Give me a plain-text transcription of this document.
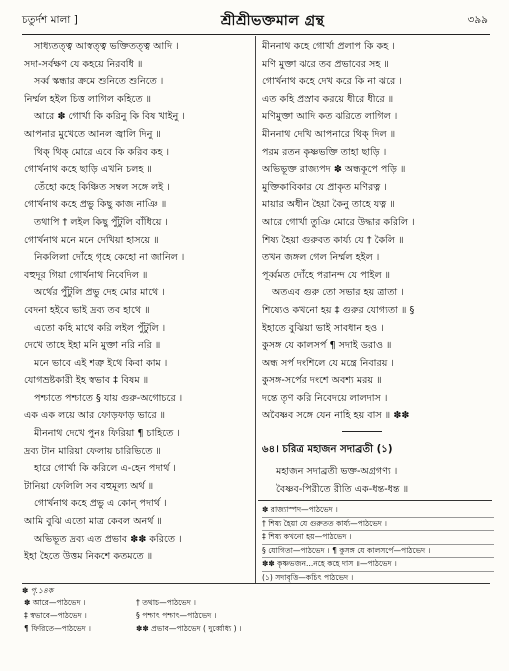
চতুর্দশ মালা ]	শ্রীশ্রীভক্তমাল গ্রন্থ	৩৯৯
সাধ্যতত্ত্ব আস্বত্ত্ব ভক্তিতত্ত্ব আদি ।
সদা-সর্বক্ষণ যে কহয়ে নিরবধি ॥
সর্ব্ব স্কন্ধার ক্রমে শুনিতে শুনিতে ।
নির্ম্মল হইল চিত্ত লাগিল কহিতে ॥
আরে ✽ গোর্খা কি করিনু কি বিষ খাইনু ।
আপনার মুখেতে আনল জ্বালি দিনু ॥
থিক্ থিক্ মোরে এবে কি করিব কহ ।
গোর্খনাথ কহে ছাড়ি এখনি চলহ ॥
তেঁহো কহে কিঞ্চিত সম্বল সঙ্গে লই ।
গোর্খনাথ কহে প্রভু কিছু কাজ নাঞি ॥
তথাপি † লইল কিছু পুঁটুলি বাঁধিয়ে ।
গোর্খনাথ মনে মনে দেখিয়া হাসয়ে ॥
নিকলিলা দোঁহে গৃহে কেহো না জানিল ।
বহুদূর গিয়া গোর্খনাথ নিবেদিল ॥
অর্থের পুঁটুলি প্রভু দেহ মোর মাথে ।
বেদনা হইবে ভাই দ্রব্য তব হাথে ॥
এতো কহি মাথে করি লইল পুঁটুলি ।
দেখে তাহে ইহা মনি মুক্তা নরি নরি ॥
মনে ভাবে এই শত্রু ইথে কিবা কাম ।
যোগভ্রষ্টকারী ইহ স্বভাব ‡ বিষম ॥
পশ্চাতে পশ্চাতে § যায় গুরু-অগোচরে ।
এক এক লয়ে আর ফোড়ফাড় ভারে ॥
মীননাথ দেখে পুনঃ ফিরিয়া ¶ চাহিতে ।
দ্রব্য টান মারিয়া ফেলায় চারিভিতে ॥
হারে গোর্খা কি করিলে এ-হেন পদার্থ ।
টানিয়া ফেলিলি সব বহুমূল্য অর্থ ॥
গোর্খনাথ কহে প্রভু এ কোন্ পদার্থ ।
আমি বুঝি এতো মাত্র কেবল অনর্থ ॥
অভিভূত দ্রব্য এত প্রভাব ✽✽ করিতে ।
ইহা হৈতে উত্তম নিকশে কতমতে ॥
মীননাথ কহে গোর্খা প্রলাপ কি কহ ।
মণি মুক্তা ঝরে তব প্রভাবের সহ ॥
গোর্খনাথ কহে দেখ করে কি না ঝরে ।
এত কহি প্রস্রাব করয়ে ধীরে ধীরে ॥
মণিমুক্তা আদি কত ঝরিতে লাগিল ।
মীননাথ দেখি আপনারে থিক্ দিল ॥
পরম রতন কৃষ্ণভক্তি তাহা ছাড়ি ।
অভিভূক্ত রাজ্যপদ ✽ অন্ধকূপে পড়ি ॥
মুক্তিকাবিকার যে প্রাকৃত মণিরত্ন ।
মায়ার অধীন হৈয়া কৈনু তাহে যত্ন ॥
আরে গোর্খা তুঞি মোরে উদ্ধার করিলি ।
শিষ্য হৈয়া গুরুবত কার্য্য যে † কৈলি ॥
তখন জঙ্গল গেল নির্ম্মল হইল ।
পূর্ব্বমত দোঁহে পরানন্দ যে পাইল ॥
অতএব গুরু তো সভার হয় ত্রাতা ।
শিষ্যেও কখনো হয় ‡ গুরুর যোগ্যতা ॥ §
ইহাতে বুঝিয়া ভাই সাবধান হও ।
কুসঙ্গ যে কালসর্প ¶ সদাই ডরাও ॥
অন্ধ সর্প দংশিলে যে মন্ত্রে নিবারয় ।
কুসঙ্গ-সর্পের দংশে অবশ্য মরয় ॥
দন্তে তৃণ করি নিবেদয়ে লালদাস ।
অবৈষ্ণব সঙ্গে যেন নাহি হয় বাস ॥ ✽✽
৬৪। চরিত্র মহাজন সদাব্রতী (১)
মহাজন সদাব্রতী ভক্ত-অগ্রগণ্য ।
বৈষ্ণব-পিরীতে রীতি এক-ধন্ত-ধন্ত ॥
✽ রাজ্যাস্পদ—পাঠভেদ ।
† শিষ্য হৈয়া যে গুরুতত কার্য্য—পাঠভেদ ।
‡ শিষ্য কখনো হয়—পাঠভেদ ।
§ যোগিতা—পাঠভেদ । ¶ কুসঙ্গ যে কালসর্পে—পাঠভেদ ।
✽✽ কৃষ্ণভজন...নহে কহে দাস ॥—পাঠভেদ ।
(১) সদাবৃত্তি—কচিৎ পাঠভেদ ।
✽ পৃ.১৪ক
✽ আরে—পাঠভেদ ।	† তথাচ—পাঠভেদ ।
‡ স্বভাবে—পাঠভেদ ।	§ পশ্চাৎ পশ্চাৎ—পাঠভেদ ।
¶ ফিরিতে—পাঠভেদ ।	✽✽ প্রভাব—পাঠভেদ ( দুর্ব্বোধ্য ) ।
